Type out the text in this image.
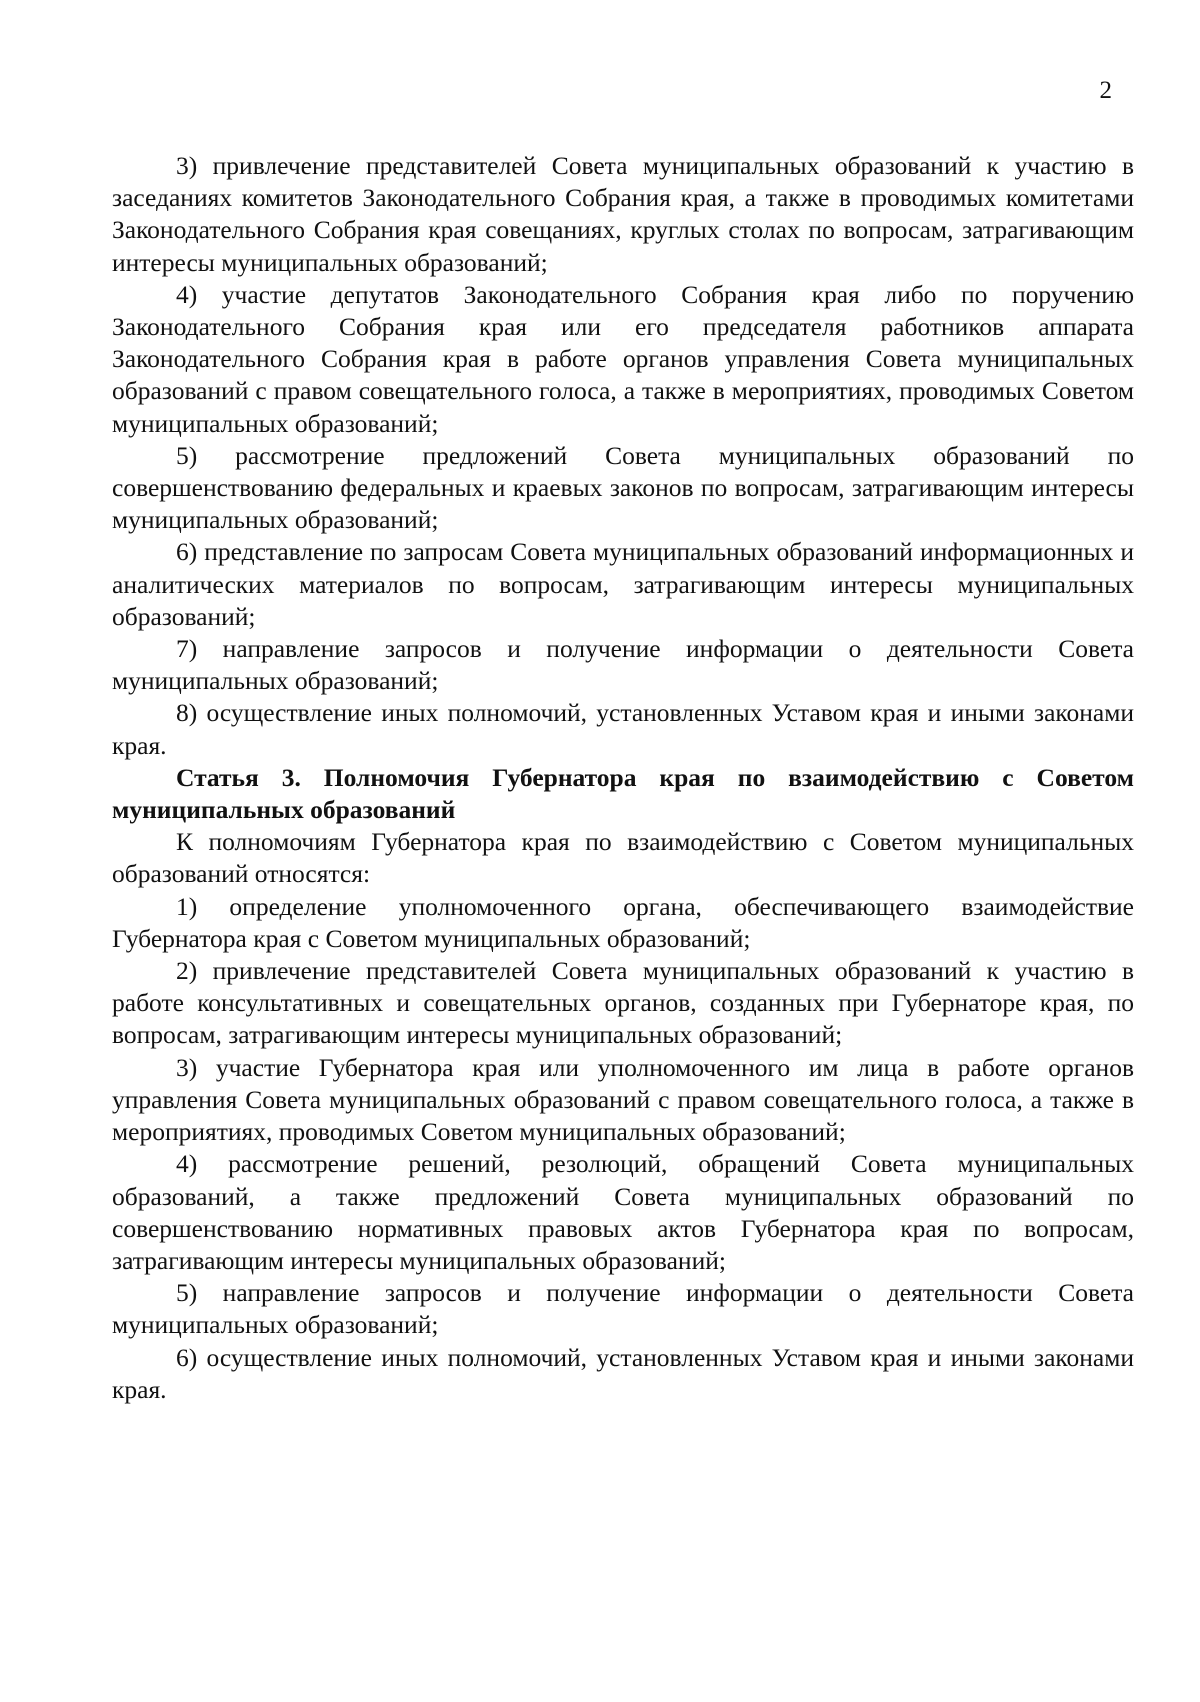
2

3) привлечение представителей Совета муниципальных образований к участию в заседаниях комитетов Законодательного Собрания края, а также в проводимых комитетами Законодательного Собрания края совещаниях, круглых столах по вопросам, затрагивающим интересы муниципальных образований;

4) участие депутатов Законодательного Собрания края либо по поручению Законодательного Собрания края или его председателя работников аппарата Законодательного Собрания края в работе органов управления Совета муниципальных образований с правом совещательного голоса, а также в мероприятиях, проводимых Советом муниципальных образований;

5) рассмотрение предложений Совета муниципальных образований по совершенствованию федеральных и краевых законов по вопросам, затрагивающим интересы муниципальных образований;

6) представление по запросам Совета муниципальных образований информационных и аналитических материалов по вопросам, затрагивающим интересы муниципальных образований;

7) направление запросов и получение информации о деятельности Совета муниципальных образований;

8) осуществление иных полномочий, установленных Уставом края и иными законами края.

Статья 3. Полномочия Губернатора края по взаимодействию с Советом муниципальных образований

К полномочиям Губернатора края по взаимодействию с Советом муниципальных образований относятся:

1) определение уполномоченного органа, обеспечивающего взаимодействие Губернатора края с Советом муниципальных образований;

2) привлечение представителей Совета муниципальных образований к участию в работе консультативных и совещательных органов, созданных при Губернаторе края, по вопросам, затрагивающим интересы муниципальных образований;

3) участие Губернатора края или уполномоченного им лица в работе органов управления Совета муниципальных образований с правом совещательного голоса, а также в мероприятиях, проводимых Советом муниципальных образований;

4) рассмотрение решений, резолюций, обращений Совета муниципальных образований, а также предложений Совета муниципальных образований по совершенствованию нормативных правовых актов Губернатора края по вопросам, затрагивающим интересы муниципальных образований;

5) направление запросов и получение информации о деятельности Совета муниципальных образований;

6) осуществление иных полномочий, установленных Уставом края и иными законами края.
